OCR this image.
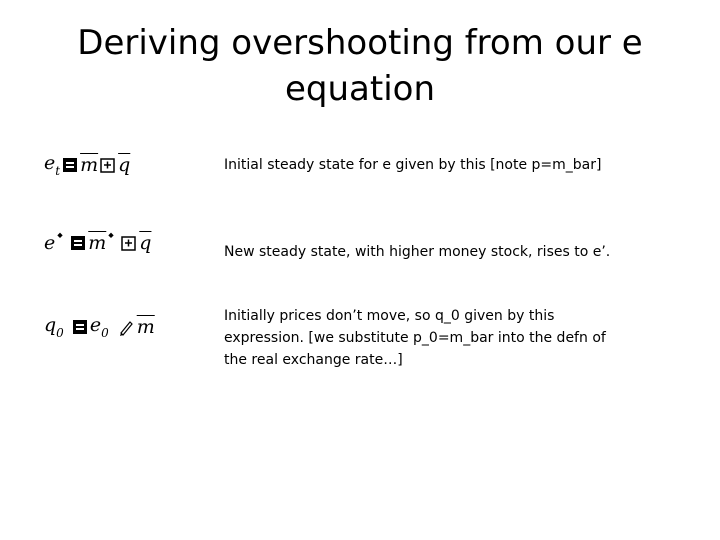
Deriving overshooting from our e equation
$e_t$ $\overline{m}$ $\overline{q}$	Initial steady state for e given by this [note p=m_bar]

e $\overline{m}$ $\overline{q}$	New steady state, with higher money stock, rises to e’.

$q_0$ $e_0$ $\overline{m}$	Initially prices don’t move, so q_0 given by this expression. [we substitute p_0=m_bar into the defn of the real exchange rate…]
